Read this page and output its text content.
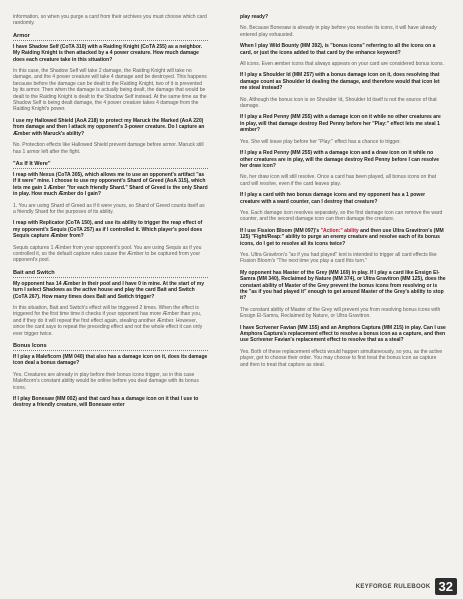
information, so when you purge a card from their archives you must choose which card randomly.

Armor

I have Shadow Self (CoTA 310) with a Raiding Knight (CoTA 255) as a neighbor. My Raiding Knight is then attacked by a 4 power creature. How much damage does each creature take in this situation?

In this case, the Shadow Self will take 2 damage, the Raiding Knight will take no damage, and the 4 power creature will take 4 damage and be destroyed. This happens because before the damage can be dealt to the Raiding Knight, two of it is prevented by its armor. Then when the damage is actually being dealt, the damage that would be dealt to the Raiding Knight is dealt to the Shadow Self instead. At the same time as the Shadow Self is being dealt damage, the 4 power creature takes 4 damage from the Raiding Knight's power.

I use my Hallowed Shield (AoA 218) to protect my Maruck the Marked (AoA 220) from damage and then I attack my opponent's 3-power creature. Do I capture an Æmber with Maruck's ability?

No. Protection effects like Hallowed Shield prevent damage before armor. Maruck still has 1 armor left after the fight.

"As If It Were"

I reap with Nexus (CoTA 305), which allows me to use an opponent's artifact "as if it were" mine. I choose to use my opponent's Shard of Greed (AoA 315), which lets me gain 1 Æmber "for each friendly Shard." Shard of Greed is the only Shard in play. How much Æmber do I gain?

1. You are using Shard of Greed as if it were yours, so Shard of Greed counts itself as a friendly Shard for the purposes of its ability.

I reap with Replicator (CoTA 150), and use its ability to trigger the reap effect of my opponent's Sequis (CoTA 257) as if I controlled it. Which player's pool does Sequis capture Æmber from?

Sequis captures 1 Æmber from your opponent's pool. You are using Sequis as if you controlled it, so the default capture rules cause the Æmber to be captured from your opponent's pool.

Bait and Switch

My opponent has 14 Æmber in their pool and I have 0 in mine. At the start of my turn I select Shadows as the active house and play the card Bait and Switch (CoTA 267). How many times does Bait and Switch trigger?

In this situation, Bait and Switch's effect will be triggered 2 times. When the effect is triggered for the first time time it checks if your opponent has more Æmber than you, and if they do it will repeat the first effect again, stealing another Æmber. However, since the card says to repeat the preceding effect and not the whole effect it can only ever trigger twice.

Bonus Icons

If I play a Maleficorn (MM 040) that also has a damage icon on it, does its damage icon deal a bonus damage?

Yes. Creatures are already in play before their bonus icons trigger, so in this case Maleficorn's constant ability would be online before you deal damage with its bonus icons.

If I play Bonesaw (MM 002) and that card has a damage icon on it that I use to destroy a friendly creature, will Bonesaw enter

play ready?

No. Because Bonesaw is already in play before you resolve its icons, it will have already entered play exhausted.

When I play Wild Bounty (MM 392), is "bonus icons" referring to all the icons on a card, or just the icons added to that card by the enhance keyword?

All icons. Even æmber icons that always appears on your card are considered bonus icons.

If I play a Shoulder Id (MM 257) with a bonus damage icon on it, does resolving that damage count as Shoulder Id dealing the damage, and therefore would that icon let me steal instead?

No. Although the bonus icon is on Shoulder Id, Shoulder Id itself is not the source of that damage.

If I play a Red Penny (MM 255) with a damage icon on it while no other creatures are in play, will that damage destroy Red Penny before her "Play:" effect lets me steal 1 æmber?

Yes. She will leave play before her "Play:" effect has a chance to trigger.

If I play a Red Penny (MM 255) with a damage icon and a draw icon on it while no other creatures are in play, will the damage destroy Red Penny before I can resolve her draw icon?

No, her draw icon will still resolve. Once a card has been played, all bonus icons on that card will resolve, even if the card leaves play.

If I play a card with two bonus damage icons and my opponent has a 1 power creature with a ward counter, can I destroy that creature?

Yes. Each damage icon resolves separately, so the first damage icon can remove the ward counter, and the second damage icon can then damage the creature.

If I use Fission Bloom (MM 097)'s "Action:" ability and then use Ultra Gravitron's (MM 125) "Fight/Reap:" ability to purge an enemy creature and resolve each of its bonus icons, do I get to resolve all its icons twice?

Yes. Ultra Gravitron's "as if you had played" text is intended to trigger all card effects like Fission Bloom's "The next time you play a card this turn."

My opponent has Master of the Grey (MM 169) in play. If I play a card like Ensign El-Samra (MM 340), Reclaimed by Nature (MM 374), or Ultra Gravitron (MM 125), does the constant ability of Master of the Grey prevent the bonus icons from resolving or is the "as if you had played it" enough to get around Master of the Grey's ability to stop it?

The constant ability of Master of the Grey will prevent you from resolving bonus icons with Ensign El-Samra, Reclaimed by Nature, or Ultra Gravitron.

I have Scrivener Favian (MM 155) and an Amphora Captura (MM 215) in play. Can I use Amphora Captura's replacement effect to resolve a bonus icon as a capture, and then use Scrivener Favian's replacement effect to resolve that as a steal?

Yes. Both of these replacement effects would happen simultaneously, so you, as the active player, get to choose their order. You may choose to first treat the bonus icon as capture and then to treat that capture as steal.

KEYFORGE RULEBOOK 32
